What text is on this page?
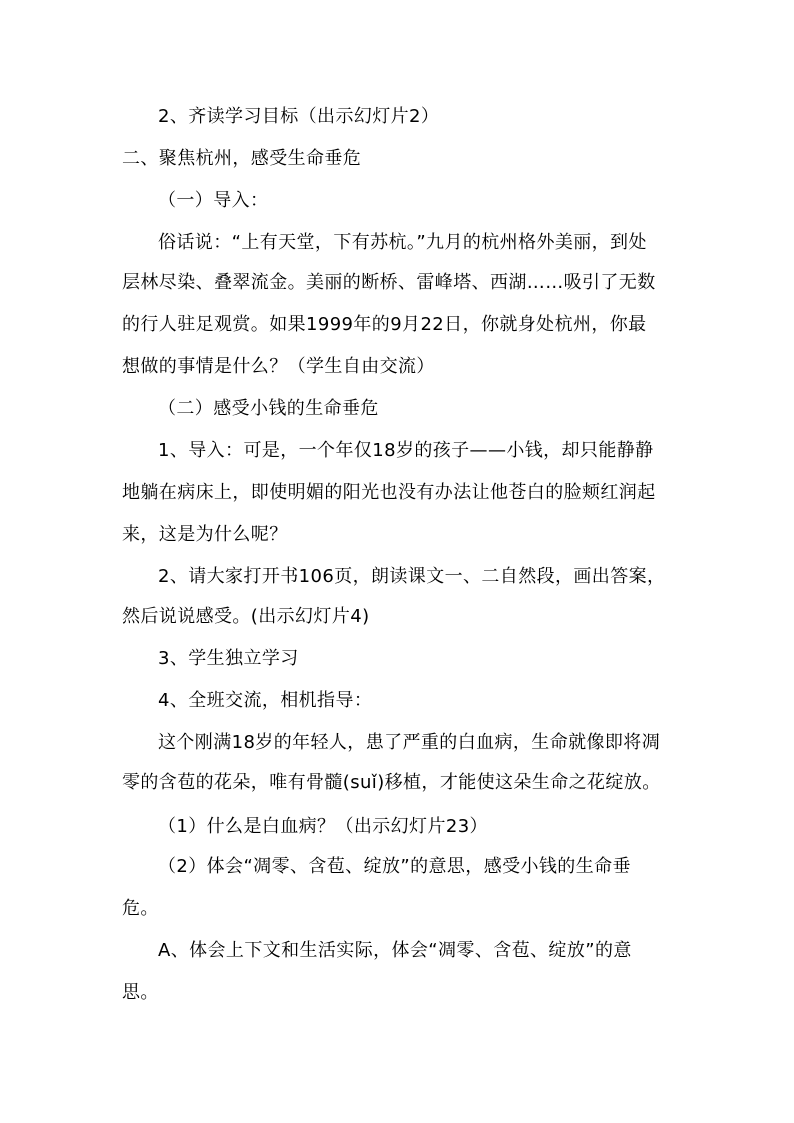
2、齐读学习目标（出示幻灯片2）
二、聚焦杭州，感受生命垂危
（一）导入：
俗话说：“上有天堂，下有苏杭。”九月的杭州格外美丽，到处
层林尽染、叠翠流金。美丽的断桥、雷峰塔、西湖……吸引了无数
的行人驻足观赏。如果1999年的9月22日，你就身处杭州，你最
想做的事情是什么？（学生自由交流）
（二）感受小钱的生命垂危
1、导入：可是，一个年仅18岁的孩子——小钱，却只能静静
地躺在病床上，即使明媚的阳光也没有办法让他苍白的脸颊红润起
来，这是为什么呢？
2、请大家打开书106页，朗读课文一、二自然段，画出答案，
然后说说感受。(出示幻灯片4)
3、学生独立学习
4、全班交流，相机指导：
这个刚满18岁的年轻人，患了严重的白血病，生命就像即将凋
零的含苞的花朵，唯有骨髓(suǐ)移植，才能使这朵生命之花绽放。
（1）什么是白血病？（出示幻灯片23）
（2）体会“凋零、含苞、绽放”的意思，感受小钱的生命垂
危。
A、体会上下文和生活实际，体会“凋零、含苞、绽放”的意
思。
